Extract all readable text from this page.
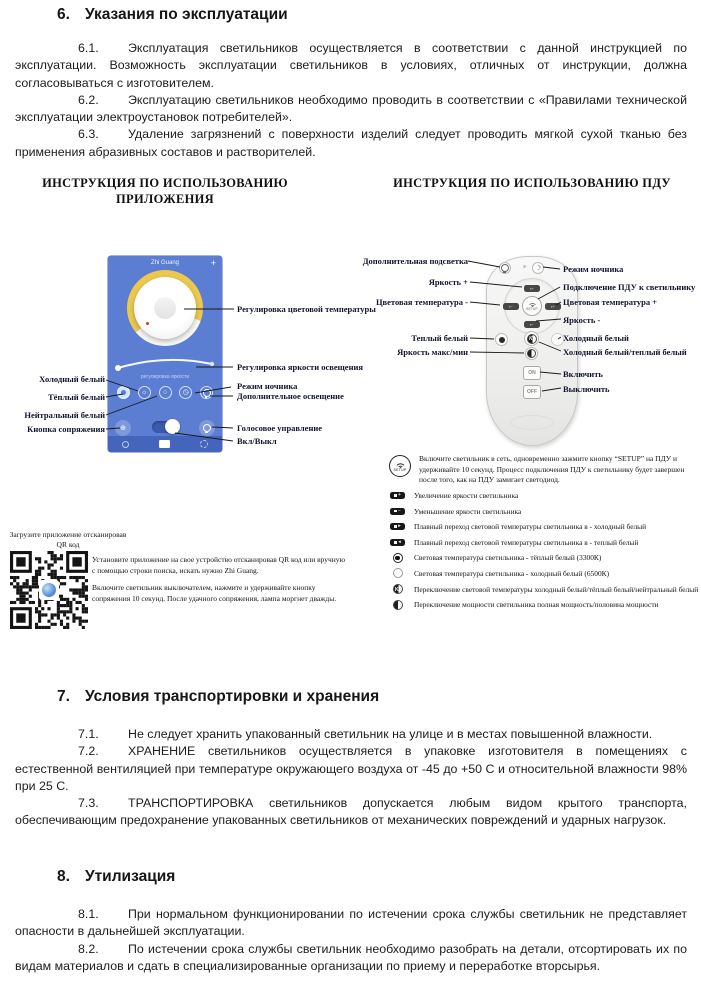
6. Указания по эксплуатации

6.1. Эксплуатация светильников осуществляется в соответствии с данной инструкцией по эксплуатации. Возможность эксплуатации светильников в условиях, отличных от инструкции, должна согласовываться с изготовителем.

6.2. Эксплуатацию светильников необходимо проводить в соответствии с «Правилами технической эксплуатации электроустановок потребителей».

6.3. Удаление загрязнений с поверхности изделий следует проводить мягкой сухой тканью без применения абразивных составов и растворителей.

ИНСТРУКЦИЯ ПО ИСПОЛЬЗОВАНИЮ ПРИЛОЖЕНИЯ
ИНСТРУКЦИЯ ПО ИСПОЛЬЗОВАНИЮ ПДУ
Zhi Guang	+
регулировка яркости
☼	○	◷
⊕
☽
▪+
▪−	▪+
▪−
SETUP
K
ON
OFF
Холодный белый
Тёплый белый
Нейтральный белый
Кнопка сопряжения
Регулировка цветовой температуры
Регулировка яркости освещения
Режим ночника
Дополнительное освещение
Голосовое управление
Вкл/Выкл
Дополнительная подсветка
Яркость +
Цветовая температура -
Теплый белый
Яркость макс/мин
Режим ночника
Подключение ПДУ к светильнику
Цветовая температура +
Яркость -
Холодный белый
Холодный белый/теплый белый
Включить
Выключить
SETUP
Включите светильник в сеть, одновременно зажмите кнопку “SETUP” на ПДУ и удерживайте 10 секунд. Процесс подключения ПДУ к светильнику будет завершен после того, как на ПДУ замигает светодиод.
+	Увеличение яркости светильника
−	Уменьшение яркости светильника
▸	Плавный переход световой температуры светильника в - холодный белый
◂	Плавный переход световой температуры светильника в - теплый белый
Световая температура светильника - тёплый белый (3300К)
Световая температура светильника - холодный белый (6500К)
K
Переключение световой температуры холодный белый/тёплый белый/нейтральный белый
Переключение мощности светильника полная мощность/половина мощности
Загрузите приложение отсканировав QR код

Установите приложение на свое устройство отсканировав QR код или вручную с помощью строки поиска, искать нужно Zhi Guang.

Включите светильник выключателем, нажмите и удерживайте кнопку сопряжения 10 секунд. После удачного сопряжения, лампа моргнет дважды.

7. Условия транспортировки и хранения

7.1. Не следует хранить упакованный светильник на улице и в местах повышенной влажности.

7.2. ХРАНЕНИЕ светильников осуществляется в упаковке изготовителя в помещениях с естественной вентиляцией при температуре окружающего воздуха от -45 до +50 С и относительной влажности 98% при 25 С.

7.3. ТРАНСПОРТИРОВКА светильников допускается любым видом крытого транспорта, обеспечивающим предохранение упакованных светильников от механических повреждений и ударных нагрузок.

8. Утилизация

8.1. При нормальном функционировании по истечении срока службы светильник не представляет опасности в дальнейшей эксплуатации.

8.2. По истечении срока службы светильник необходимо разобрать на детали, отсортировать их по видам материалов и сдать в специализированные организации по приему и переработке вторсырья.
